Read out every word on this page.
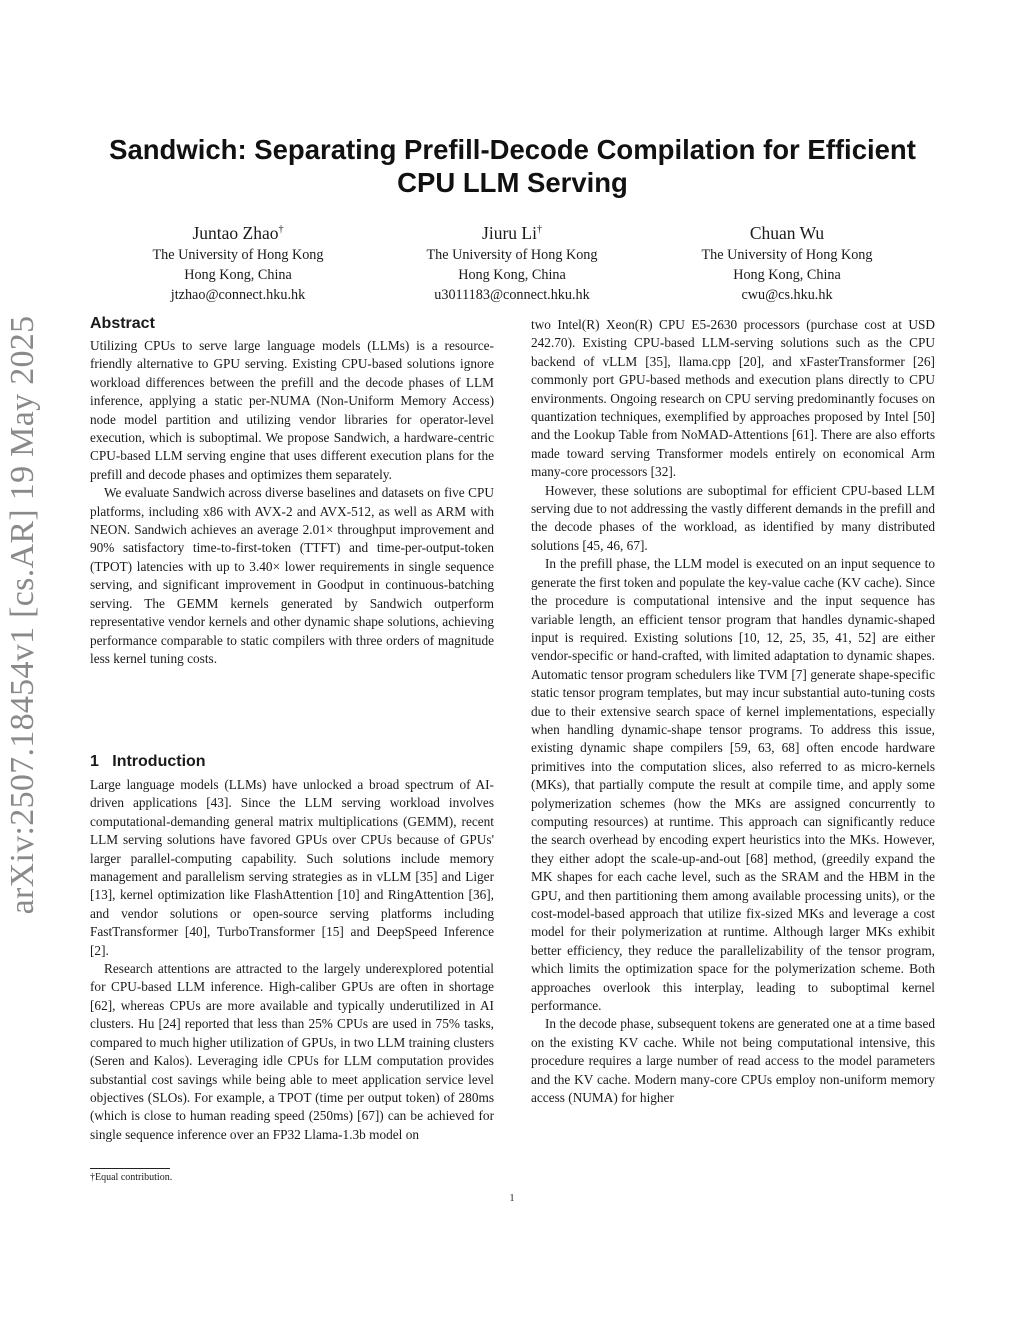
arXiv:2507.18454v1 [cs.AR] 19 May 2025
Sandwich: Separating Prefill-Decode Compilation for Efficient CPU LLM Serving
Juntao Zhao†
The University of Hong Kong
Hong Kong, China
jtzhao@connect.hku.hk
Jiuru Li†
The University of Hong Kong
Hong Kong, China
u3011183@connect.hku.hk
Chuan Wu
The University of Hong Kong
Hong Kong, China
cwu@cs.hku.hk
Abstract

Utilizing CPUs to serve large language models (LLMs) is a resource-friendly alternative to GPU serving. Existing CPU-based solutions ignore workload differences between the prefill and the decode phases of LLM inference, applying a static per-NUMA (Non-Uniform Memory Access) node model partition and utilizing vendor libraries for operator-level execution, which is suboptimal. We propose Sandwich, a hardware-centric CPU-based LLM serving engine that uses different execution plans for the prefill and decode phases and optimizes them separately.

We evaluate Sandwich across diverse baselines and datasets on five CPU platforms, including x86 with AVX-2 and AVX-512, as well as ARM with NEON. Sandwich achieves an average 2.01× throughput improvement and 90% satisfactory time-to-first-token (TTFT) and time-per-output-token (TPOT) latencies with up to 3.40× lower requirements in single sequence serving, and significant improvement in Goodput in continuous-batching serving. The GEMM kernels generated by Sandwich outperform representative vendor kernels and other dynamic shape solutions, achieving performance comparable to static compilers with three orders of magnitude less kernel tuning costs.

1 Introduction

Large language models (LLMs) have unlocked a broad spectrum of AI-driven applications [43]. Since the LLM serving workload involves computational-demanding general matrix multiplications (GEMM), recent LLM serving solutions have favored GPUs over CPUs because of GPUs' larger parallel-computing capability. Such solutions include memory management and parallelism serving strategies as in vLLM [35] and Liger [13], kernel optimization like FlashAttention [10] and RingAttention [36], and vendor solutions or open-source serving platforms including FastTransformer [40], TurboTransformer [15] and DeepSpeed Inference [2].

Research attentions are attracted to the largely underexplored potential for CPU-based LLM inference. High-caliber GPUs are often in shortage [62], whereas CPUs are more available and typically underutilized in AI clusters. Hu [24] reported that less than 25% CPUs are used in 75% tasks, compared to much higher utilization of GPUs, in two LLM training clusters (Seren and Kalos). Leveraging idle CPUs for LLM computation provides substantial cost savings while being able to meet application service level objectives (SLOs). For example, a TPOT (time per output token) of 280ms (which is close to human reading speed (250ms) [67]) can be achieved for single sequence inference over an FP32 Llama-1.3b model on

two Intel(R) Xeon(R) CPU E5-2630 processors (purchase cost at USD 242.70). Existing CPU-based LLM-serving solutions such as the CPU backend of vLLM [35], llama.cpp [20], and xFasterTransformer [26] commonly port GPU-based methods and execution plans directly to CPU environments. Ongoing research on CPU serving predominantly focuses on quantization techniques, exemplified by approaches proposed by Intel [50] and the Lookup Table from NoMAD-Attentions [61]. There are also efforts made toward serving Transformer models entirely on economical Arm many-core processors [32].

However, these solutions are suboptimal for efficient CPU-based LLM serving due to not addressing the vastly different demands in the prefill and the decode phases of the workload, as identified by many distributed solutions [45, 46, 67].

In the prefill phase, the LLM model is executed on an input sequence to generate the first token and populate the key-value cache (KV cache). Since the procedure is computational intensive and the input sequence has variable length, an efficient tensor program that handles dynamic-shaped input is required. Existing solutions [10, 12, 25, 35, 41, 52] are either vendor-specific or hand-crafted, with limited adaptation to dynamic shapes. Automatic tensor program schedulers like TVM [7] generate shape-specific static tensor program templates, but may incur substantial auto-tuning costs due to their extensive search space of kernel implementations, especially when handling dynamic-shape tensor programs. To address this issue, existing dynamic shape compilers [59, 63, 68] often encode hardware primitives into the computation slices, also referred to as micro-kernels (MKs), that partially compute the result at compile time, and apply some polymerization schemes (how the MKs are assigned concurrently to computing resources) at runtime. This approach can significantly reduce the search overhead by encoding expert heuristics into the MKs. However, they either adopt the scale-up-and-out [68] method, (greedily expand the MK shapes for each cache level, such as the SRAM and the HBM in the GPU, and then partitioning them among available processing units), or the cost-model-based approach that utilize fix-sized MKs and leverage a cost model for their polymerization at runtime. Although larger MKs exhibit better efficiency, they reduce the parallelizability of the tensor program, which limits the optimization space for the polymerization scheme. Both approaches overlook this interplay, leading to suboptimal kernel performance.

In the decode phase, subsequent tokens are generated one at a time based on the existing KV cache. While not being computational intensive, this procedure requires a large number of read access to the model parameters and the KV cache. Modern many-core CPUs employ non-uniform memory access (NUMA) for higher

†Equal contribution.
1
